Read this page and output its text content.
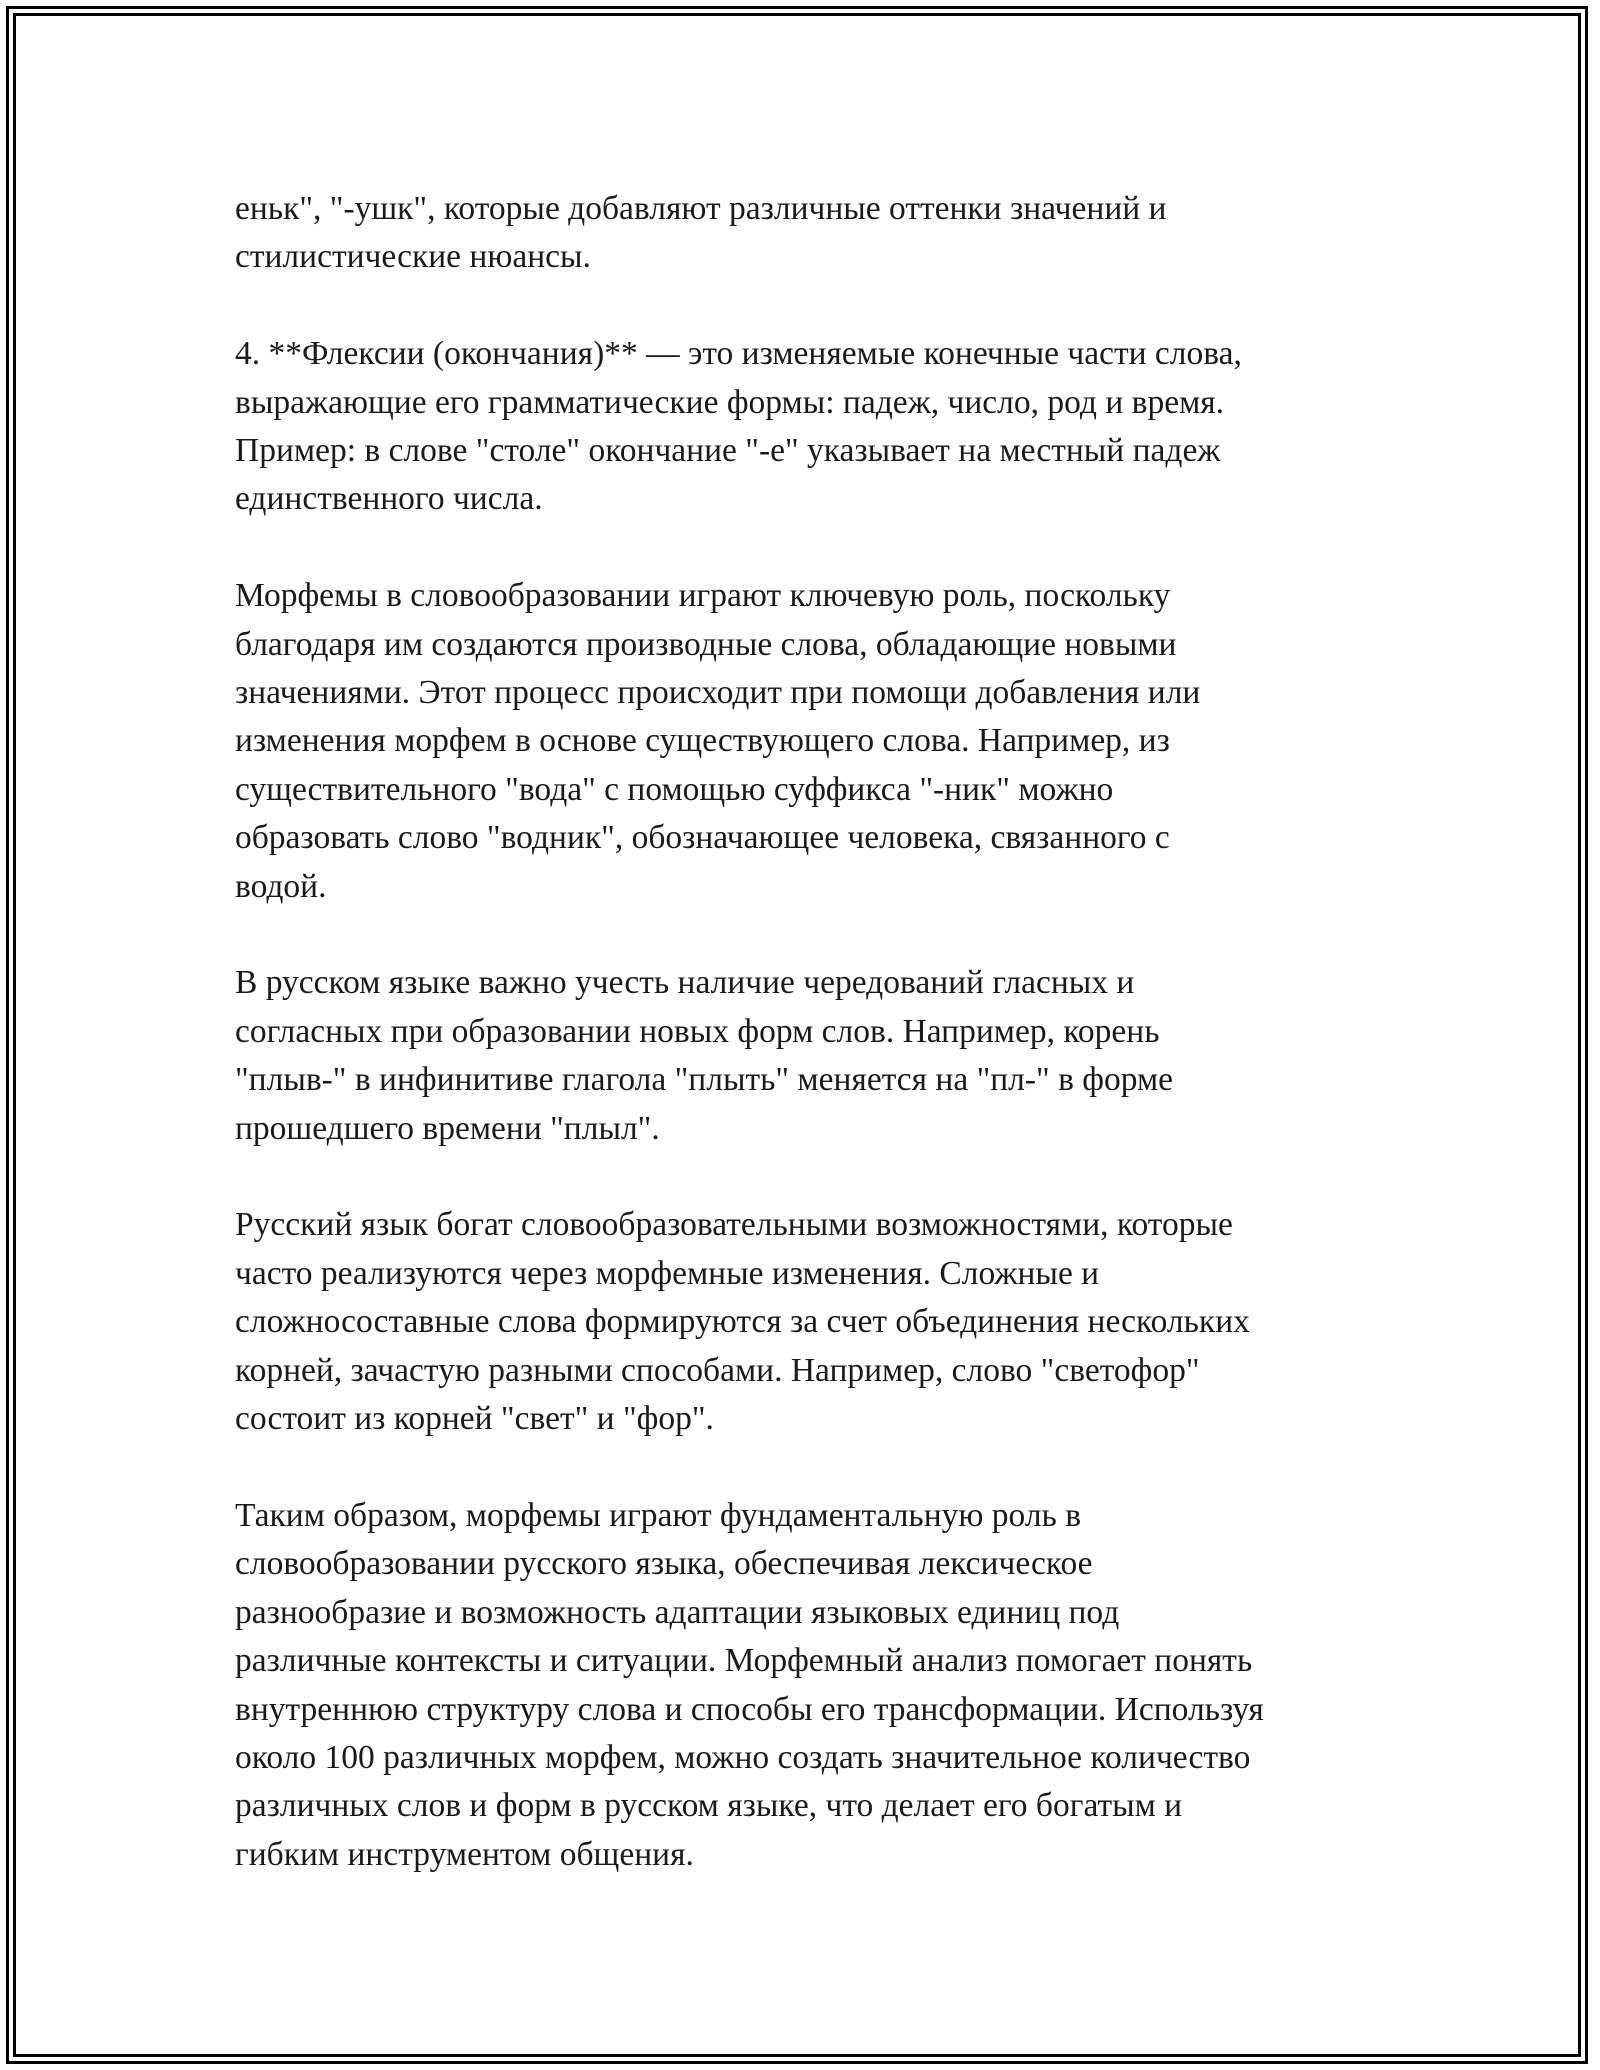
еньк", "-ушк", которые добавляют различные оттенки значений и
стилистические нюансы.
4. **Флексии (окончания)** — это изменяемые конечные части слова,
выражающие его грамматические формы: падеж, число, род и время.
Пример: в слове "столе" окончание "-е" указывает на местный падеж
единственного числа.
Морфемы в словообразовании играют ключевую роль, поскольку
благодаря им создаются производные слова, обладающие новыми
значениями. Этот процесс происходит при помощи добавления или
изменения морфем в основе существующего слова. Например, из
существительного "вода" с помощью суффикса "-ник" можно
образовать слово "водник", обозначающее человека, связанного с
водой.
В русском языке важно учесть наличие чередований гласных и
согласных при образовании новых форм слов. Например, корень
"плыв-" в инфинитиве глагола "плыть" меняется на "пл-" в форме
прошедшего времени "плыл".
Русский язык богат словообразовательными возможностями, которые
часто реализуются через морфемные изменения. Сложные и
сложносоставные слова формируются за счет объединения нескольких
корней, зачастую разными способами. Например, слово "светофор"
состоит из корней "свет" и "фор".
Таким образом, морфемы играют фундаментальную роль в
словообразовании русского языка, обеспечивая лексическое
разнообразие и возможность адаптации языковых единиц под
различные контексты и ситуации. Морфемный анализ помогает понять
внутреннюю структуру слова и способы его трансформации. Используя
около 100 различных морфем, можно создать значительное количество
различных слов и форм в русском языке, что делает его богатым и
гибким инструментом общения.
